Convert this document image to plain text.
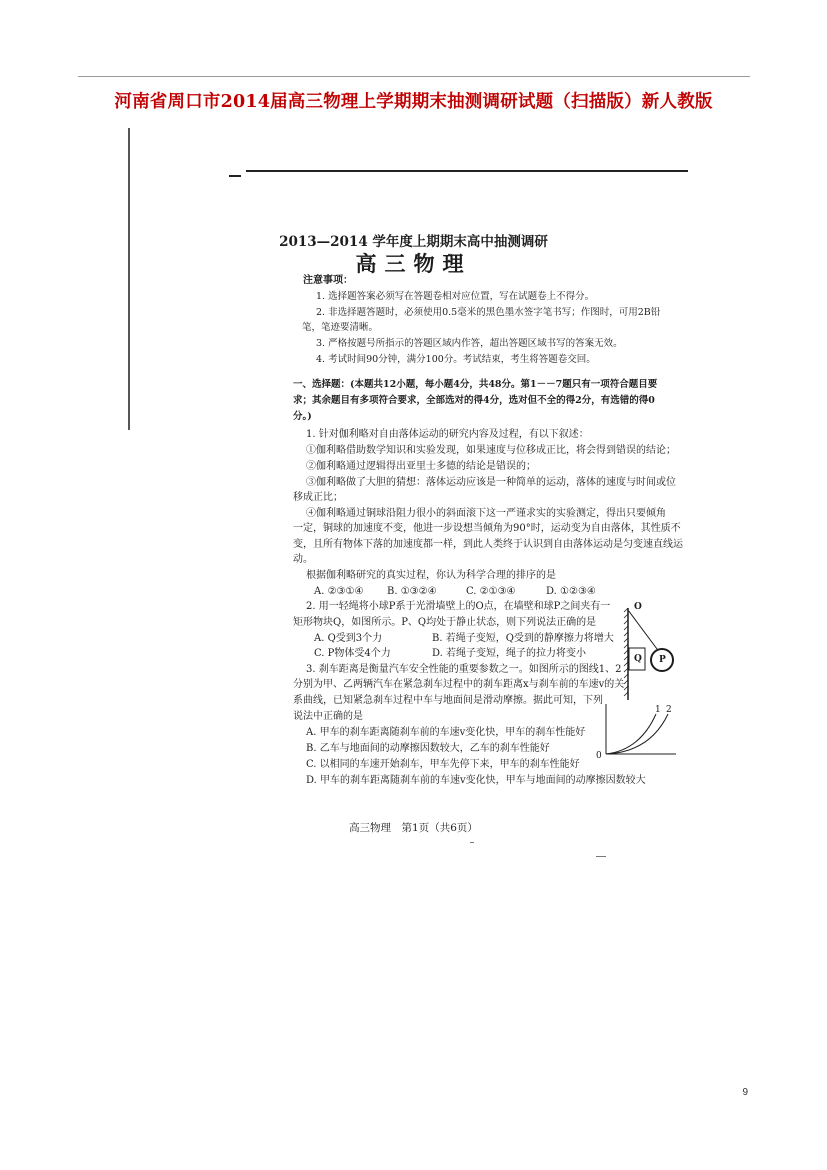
河南省周口市2014届高三物理上学期期末抽测调研试题（扫描版）新人教版
2013—2014 学年度上期期末高中抽测调研
高三物理
注意事项：
1. 选择题答案必须写在答题卷相对应位置，写在试题卷上不得分。
2. 非选择题答题时，必须使用0.5毫米的黑色墨水签字笔书写；作图时，可用2B铅
笔，笔迹要清晰。
3. 严格按题号所指示的答题区域内作答，超出答题区域书写的答案无效。
4. 考试时间90分钟，满分100分。考试结束，考生将答题卷交回。
一、选择题：(本题共12小题，每小题4分，共48分。第1－－7题只有一项符合题目要
求；其余题目有多项符合要求，全部选对的得4分，选对但不全的得2分，有选错的得0
分。)
1. 针对伽利略对自由落体运动的研究内容及过程，有以下叙述：
①伽利略借助数学知识和实验发现，如果速度与位移成正比，将会得到错误的结论；
②伽利略通过逻辑得出亚里士多德的结论是错误的；
③伽利略做了大胆的猜想：落体运动应该是一种简单的运动，落体的速度与时间或位
移成正比；
④伽利略通过铜球沿阻力很小的斜面滚下这一严谨求实的实验测定，得出只要倾角
一定，铜球的加速度不变，他进一步设想当倾角为90°时，运动变为自由落体，其性质不
变，且所有物体下落的加速度都一样，到此人类终于认识到自由落体运动是匀变速直线运
动。
根据伽利略研究的真实过程，你认为科学合理的排序的是
A. ②③①④ B. ①③②④	C. ②①③④	D. ①②③④
2. 用一轻绳将小球P系于光滑墙壁上的O点，在墙壁和球P之间夹有一
矩形物块Q，如图所示。P、Q均处于静止状态，则下列说法正确的是
A. Q受到3个力	B. 若绳子变短，Q受到的静摩擦力将增大
C. P物体受4个力	D. 若绳子变短，绳子的拉力将变小
O
Q P
3. 刹车距离是衡量汽车安全性能的重要参数之一。如图所示的图线1、2
分别为甲、乙两辆汽车在紧急刹车过程中的刹车距离x与刹车前的车速v的关
系曲线，已知紧急刹车过程中车与地面间是滑动摩擦。据此可知，下列
说法中正确的是
A. 甲车的刹车距离随刹车前的车速v变化快，甲车的刹车性能好
B. 乙车与地面间的动摩擦因数较大，乙车的刹车性能好
C. 以相同的车速开始刹车，甲车先停下来，甲车的刹车性能好
D. 甲车的刹车距离随刹车前的车速v变化快，甲车与地面间的动摩擦因数较大
1 2
0
高三物理　第1页（共6页）
9
